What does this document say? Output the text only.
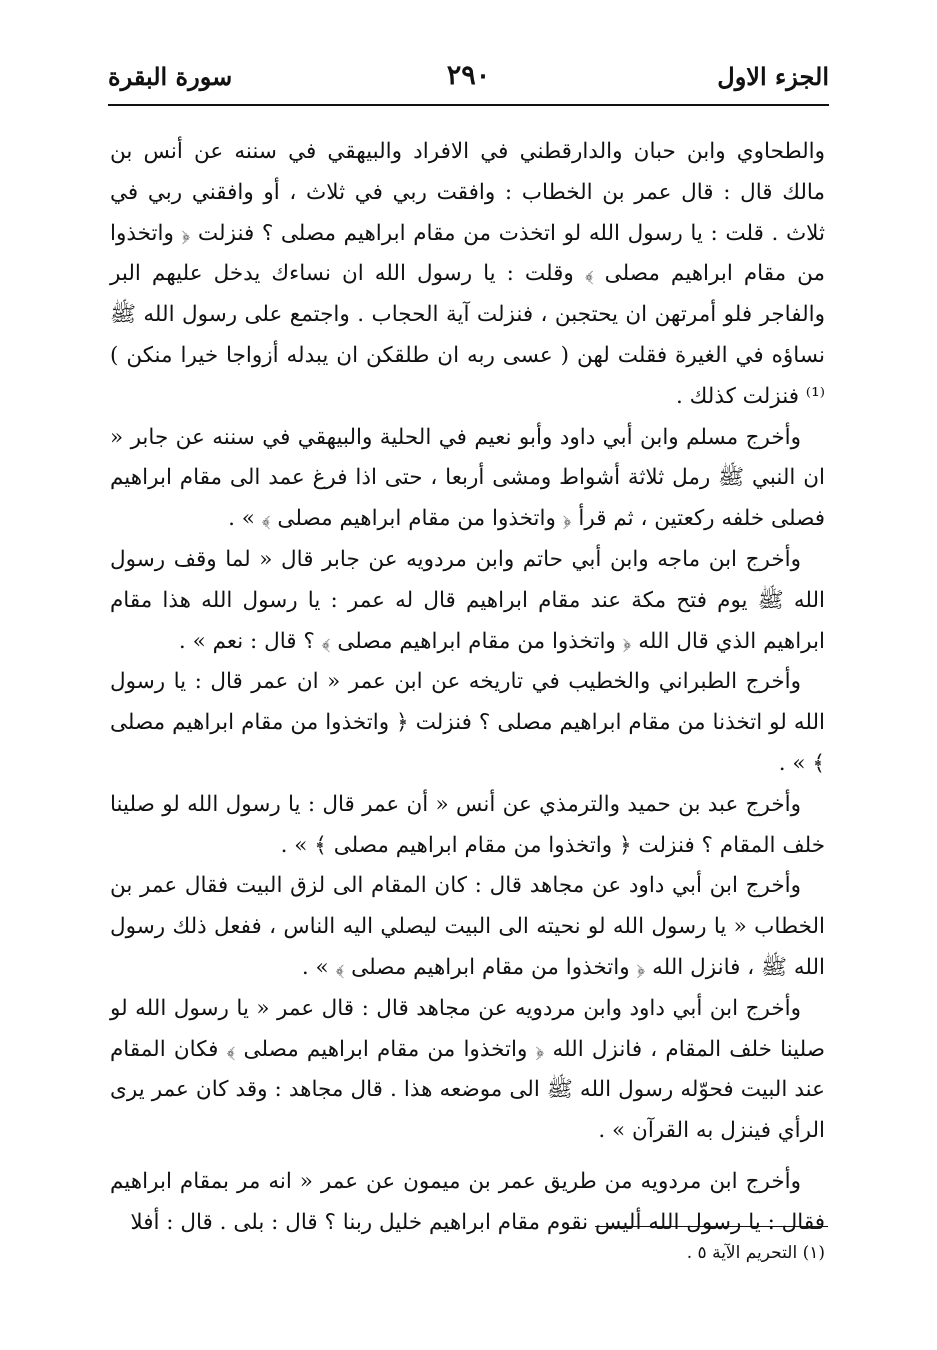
الجزء الاول
٢٩٠
سورة البقرة

والطحاوي وابن حبان والدارقطني في الافراد والبيهقي في سننه عن أنس بن مالك قال : قال عمر بن الخطاب : وافقت ربي في ثلاث ، أو وافقني ربي في ثلاث . قلت : يا رسول الله لو اتخذت من مقام ابراهيم مصلى ؟ فنزلت ﴿ واتخذوا من مقام ابراهيم مصلى ﴾ وقلت : يا رسول الله ان نساءك يدخل عليهم البر والفاجر فلو أمرتهن ان يحتجبن ، فنزلت آية الحجاب . واجتمع على رسول الله ﷺ نساؤه في الغيرة فقلت لهن ( عسى ربه ان طلقكن ان يبدله أزواجا خيرا منكن )⁽¹⁾ فنزلت كذلك .

وأخرج مسلم وابن أبي داود وأبو نعيم في الحلية والبيهقي في سننه عن جابر « ان النبي ﷺ رمل ثلاثة أشواط ومشى أربعا ، حتى اذا فرغ عمد الى مقام ابراهيم فصلى خلفه ركعتين ، ثم قرأ ﴿ واتخذوا من مقام ابراهيم مصلى ﴾ » .

وأخرج ابن ماجه وابن أبي حاتم وابن مردويه عن جابر قال « لما وقف رسول الله ﷺ يوم فتح مكة عند مقام ابراهيم قال له عمر : يا رسول الله هذا مقام ابراهيم الذي قال الله ﴿ واتخذوا من مقام ابراهيم مصلى ﴾ ؟ قال : نعم » .

وأخرج الطبراني والخطيب في تاريخه عن ابن عمر « ان عمر قال : يا رسول الله لو اتخذنا من مقام ابراهيم مصلى ؟ فنزلت ﴿ واتخذوا من مقام ابراهيم مصلى ﴾ » .

وأخرج عبد بن حميد والترمذي عن أنس « أن عمر قال : يا رسول الله لو صلينا خلف المقام ؟ فنزلت ﴿ واتخذوا من مقام ابراهيم مصلى ﴾ » .

وأخرج ابن أبي داود عن مجاهد قال : كان المقام الى لزق البيت فقال عمر بن الخطاب « يا رسول الله لو نحيته الى البيت ليصلي اليه الناس ، ففعل ذلك رسول الله ﷺ ، فانزل الله ﴿ واتخذوا من مقام ابراهيم مصلى ﴾ » .

وأخرج ابن أبي داود وابن مردويه عن مجاهد قال : قال عمر « يا رسول الله لو صلينا خلف المقام ، فانزل الله ﴿ واتخذوا من مقام ابراهيم مصلى ﴾ فكان المقام عند البيت فحوّله رسول الله ﷺ الى موضعه هذا . قال مجاهد : وقد كان عمر يرى الرأي فينزل به القرآن » .

وأخرج ابن مردويه من طريق عمر بن ميمون عن عمر « انه مر بمقام ابراهيم فقال : يا رسول الله أليس نقوم مقام ابراهيم خليل ربنا ؟ قال : بلى . قال : أفلا

(١) التحريم الآية ٥ .
